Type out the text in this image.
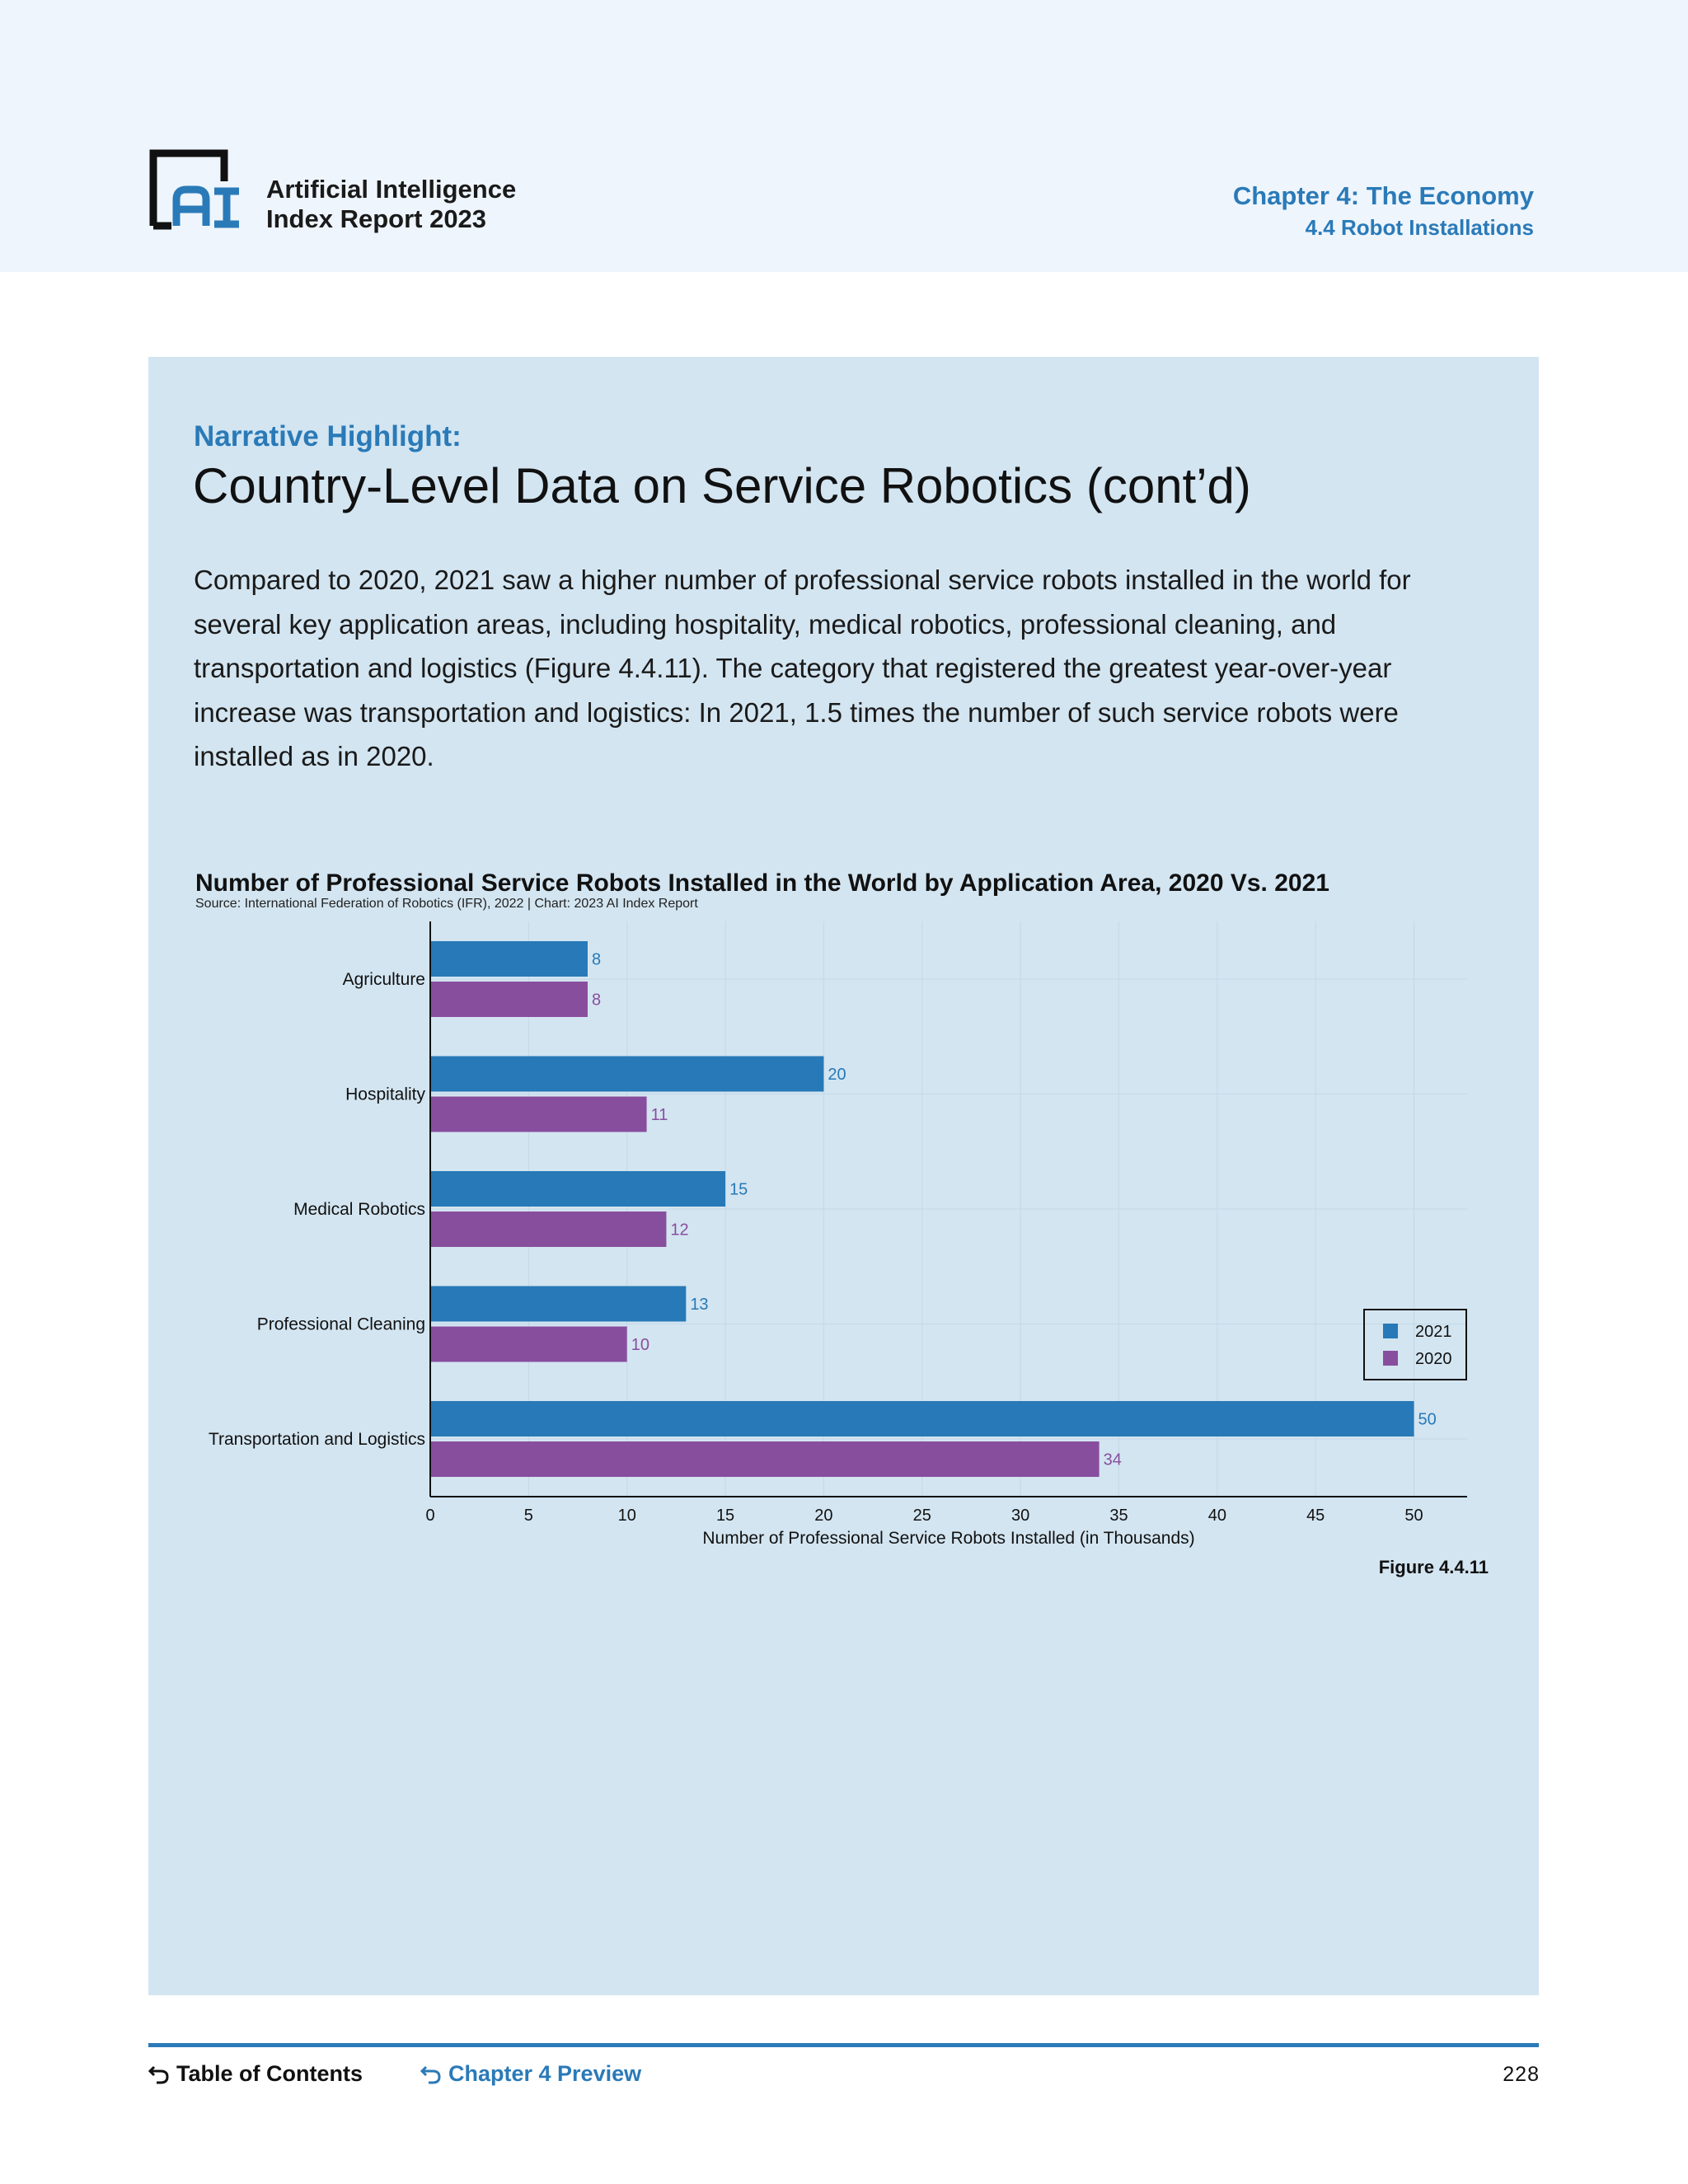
Artificial Intelligence
Index Report 2023
Chapter 4: The Economy
4.4 Robot Installations
Narrative Highlight:
Country-Level Data on Service Robotics (cont’d)
Compared to 2020, 2021 saw a higher number of professional service robots installed in the world for several key application areas, including hospitality, medical robotics, professional cleaning, and transportation and logistics (Figure 4.4.11). The category that registered the greatest year-over-year increase was transportation and logistics: In 2021, 1.5 times the number of such service robots were installed as in 2020.
Number of Professional Service Robots Installed in the World by Application Area, 2020 Vs. 2021
Source: International Federation of Robotics (IFR), 2022 | Chart: 2023 AI Index Report
8
8
Agriculture
20
11
Hospitality
15
12
Medical Robotics
13
10
Professional Cleaning
50
34
Transportation and Logistics
0	5	10	15	20	25	30	35	40	45	50
Number of Professional Service Robots Installed (in Thousands)
2021
2020
Figure 4.4.11
Table of Contents	Chapter 4 Preview	228
